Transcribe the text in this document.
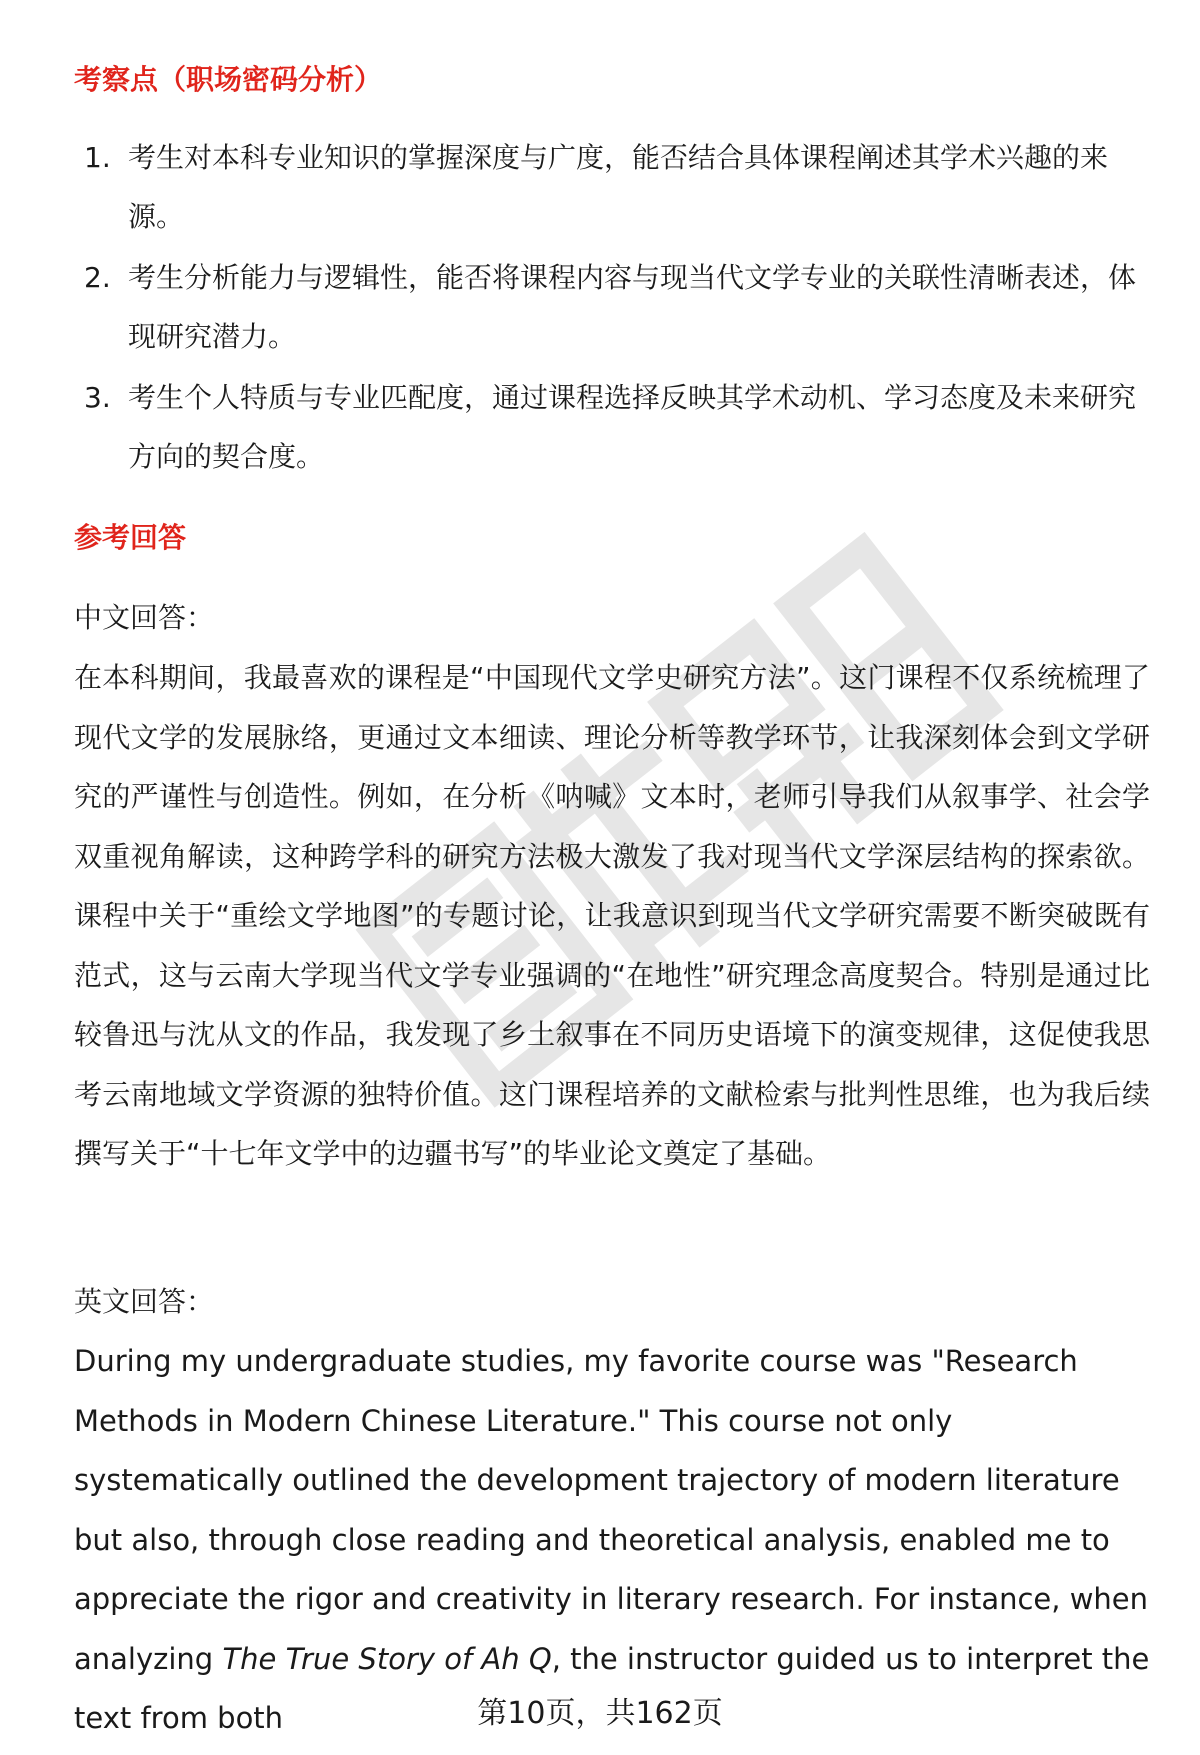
考察点（职场密码分析）
1. 考生对本科专业知识的掌握深度与广度，能否结合具体课程阐述其学术兴趣的来源。
2. 考生分析能力与逻辑性，能否将课程内容与现当代文学专业的关联性清晰表述，体现研究潜力。
3. 考生个人特质与专业匹配度，通过课程选择反映其学术动机、学习态度及未来研究方向的契合度。
参考回答

中文回答：

在本科期间，我最喜欢的课程是“中国现代文学史研究方法”。这门课程不仅系统梳理了现代文学的发展脉络，更通过文本细读、理论分析等教学环节，让我深刻体会到文学研究的严谨性与创造性。例如，在分析《呐喊》文本时，老师引导我们从叙事学、社会学双重视角解读，这种跨学科的研究方法极大激发了我对现当代文学深层结构的探索欲。课程中关于“重绘文学地图”的专题讨论，让我意识到现当代文学研究需要不断突破既有范式，这与云南大学现当代文学专业强调的“在地性”研究理念高度契合。特别是通过比较鲁迅与沈从文的作品，我发现了乡土叙事在不同历史语境下的演变规律，这促使我思考云南地域文学资源的独特价值。这门课程培养的文献检索与批判性思维，也为我后续撰写关于“十七年文学中的边疆书写”的毕业论文奠定了基础。

英文回答：

During my undergraduate studies, my favorite course was "Research Methods in Modern Chinese Literature." This course not only systematically outlined the development trajectory of modern literature but also, through close reading and theoretical analysis, enabled me to appreciate the rigor and creativity in literary research. For instance, when analyzing The True Story of Ah Q, the instructor guided us to interpret the text from both	第10页，共162页
